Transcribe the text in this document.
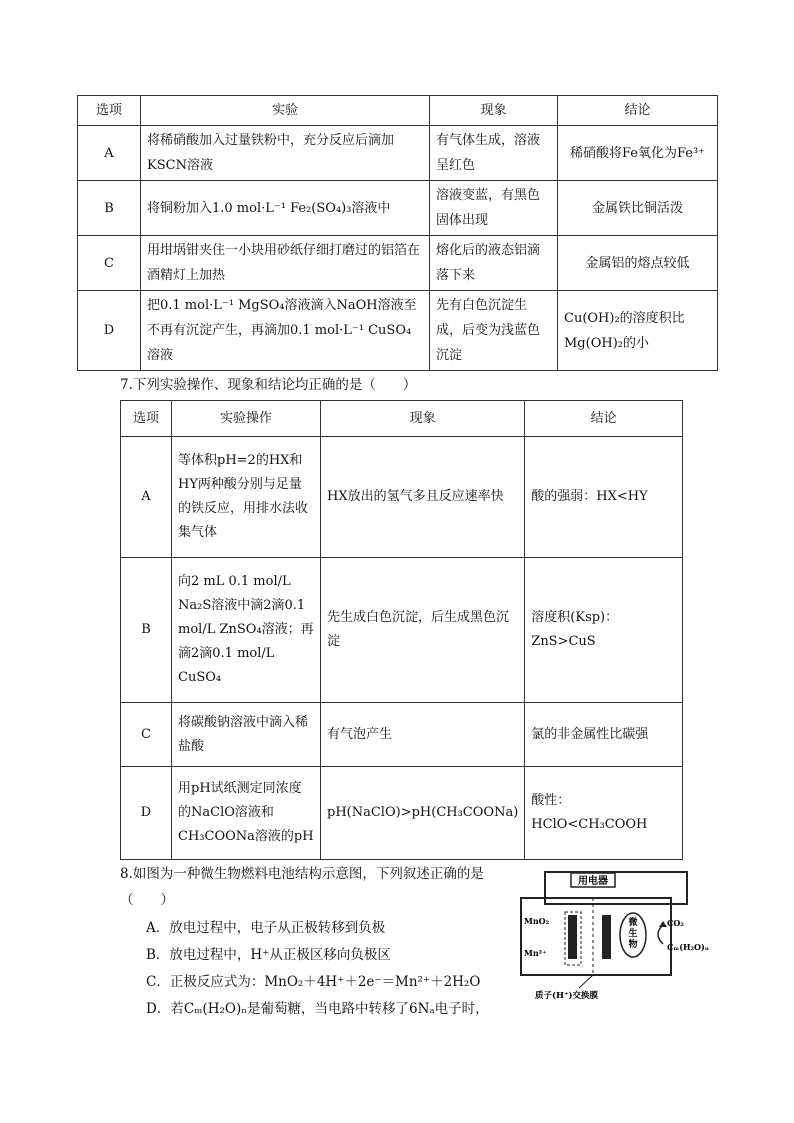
选项	实验	现象	结论
A	将稀硝酸加入过量铁粉中，充分反应后滴加KSCN溶液	有气体生成，溶液呈红色	稀硝酸将Fe氧化为Fe³⁺
B	将铜粉加入1.0 mol·L⁻¹ Fe₂(SO₄)₃溶液中	溶液变蓝，有黑色固体出现	金属铁比铜活泼
C	用坩埚钳夹住一小块用砂纸仔细打磨过的铝箔在酒精灯上加热	熔化后的液态铝滴落下来	金属铝的熔点较低
D	把0.1 mol·L⁻¹ MgSO₄溶液滴入NaOH溶液至不再有沉淀产生，再滴加0.1 mol·L⁻¹ CuSO₄溶液	先有白色沉淀生成，后变为浅蓝色沉淀	Cu(OH)₂的溶度积比Mg(OH)₂的小
7.下列实验操作、现象和结论均正确的是（　　）
选项	实验操作	现象	结论
A	等体积pH=2的HX和HY两种酸分别与足量的铁反应，用排水法收集气体	HX放出的氢气多且反应速率快	酸的强弱：HX<HY
B	向2 mL 0.1 mol/L Na₂S溶液中滴2滴0.1 mol/L ZnSO₄溶液；再滴2滴0.1 mol/L CuSO₄	先生成白色沉淀，后生成黑色沉淀	溶度积(Ksp)：ZnS>CuS
C	将碳酸钠溶液中滴入稀盐酸	有气泡产生	氯的非金属性比碳强
D	用pH试纸测定同浓度的NaClO溶液和CH₃COONa溶液的pH	pH(NaClO)>pH(CH₃COONa)	酸性：HClO<CH₃COOH
8.如图为一种微生物燃料电池结构示意图，下列叙述正确的是
（　　）
A．放电过程中，电子从正极转移到负极
B．放电过程中，H⁺从正极区移向负极区
C．正极反应式为：MnO₂＋4H⁺＋2e⁻＝Mn²⁺＋2H₂O
D．若Cₘ(H₂O)ₙ是葡萄糖，当电路中转移了6Nₐ电子时，
用电器
微
生
物
MnO₂
Mn²⁺
CO₂
Cₘ(H₂O)ₙ
质子(H⁺)交换膜
